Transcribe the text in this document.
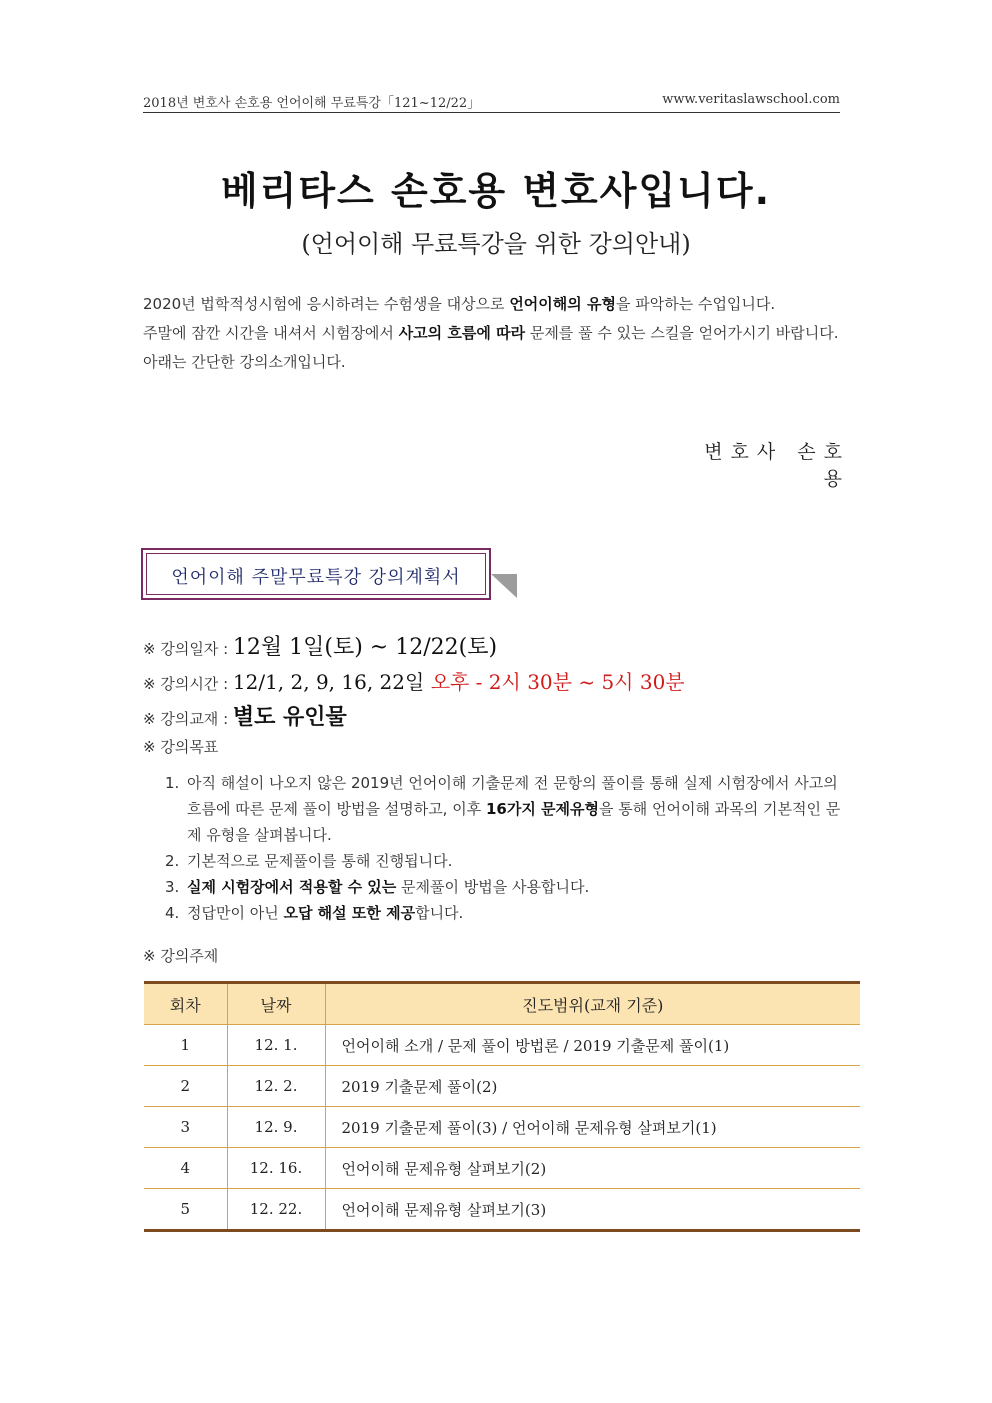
2018년 변호사 손호용 언어이해 무료특강「121~12/22」	www.veritaslawschool.com
베리타스 손호용 변호사입니다.
(언어이해 무료특강을 위한 강의안내)

2020년 법학적성시험에 응시하려는 수험생을 대상으로 언어이해의 유형을 파악하는 수업입니다.

주말에 잠깐 시간을 내셔서 시험장에서 사고의 흐름에 따라 문제를 풀 수 있는 스킬을 얻어가시기 바랍니다.

아래는 간단한 강의소개입니다.

변호사 손호용
언어이해 주말무료특강 강의계획서
※ 강의일자 : 12월 1일(토) ~ 12/22(토)
※ 강의시간 : 12/1, 2, 9, 16, 22일 오후 - 2시 30분 ~ 5시 30분
※ 강의교재 : 별도 유인물
※ 강의목표
1. 아직 해설이 나오지 않은 2019년 언어이해 기출문제 전 문항의 풀이를 통해 실제 시험장에서 사고의 흐름에 따른 문제 풀이 방법을 설명하고, 이후 16가지 문제유형을 통해 언어이해 과목의 기본적인 문제 유형을 살펴봅니다.
2. 기본적으로 문제풀이를 통해 진행됩니다.
3. 실제 시험장에서 적용할 수 있는 문제풀이 방법을 사용합니다.
4. 정답만이 아닌 오답 해설 또한 제공합니다.
※ 강의주제
회차	날짜	진도범위(교재 기준)
1	12. 1.	언어이해 소개 / 문제 풀이 방법론 / 2019 기출문제 풀이(1)
2	12. 2.	2019 기출문제 풀이(2)
3	12. 9.	2019 기출문제 풀이(3) / 언어이해 문제유형 살펴보기(1)
4	12. 16.	언어이해 문제유형 살펴보기(2)
5	12. 22.	언어이해 문제유형 살펴보기(3)
